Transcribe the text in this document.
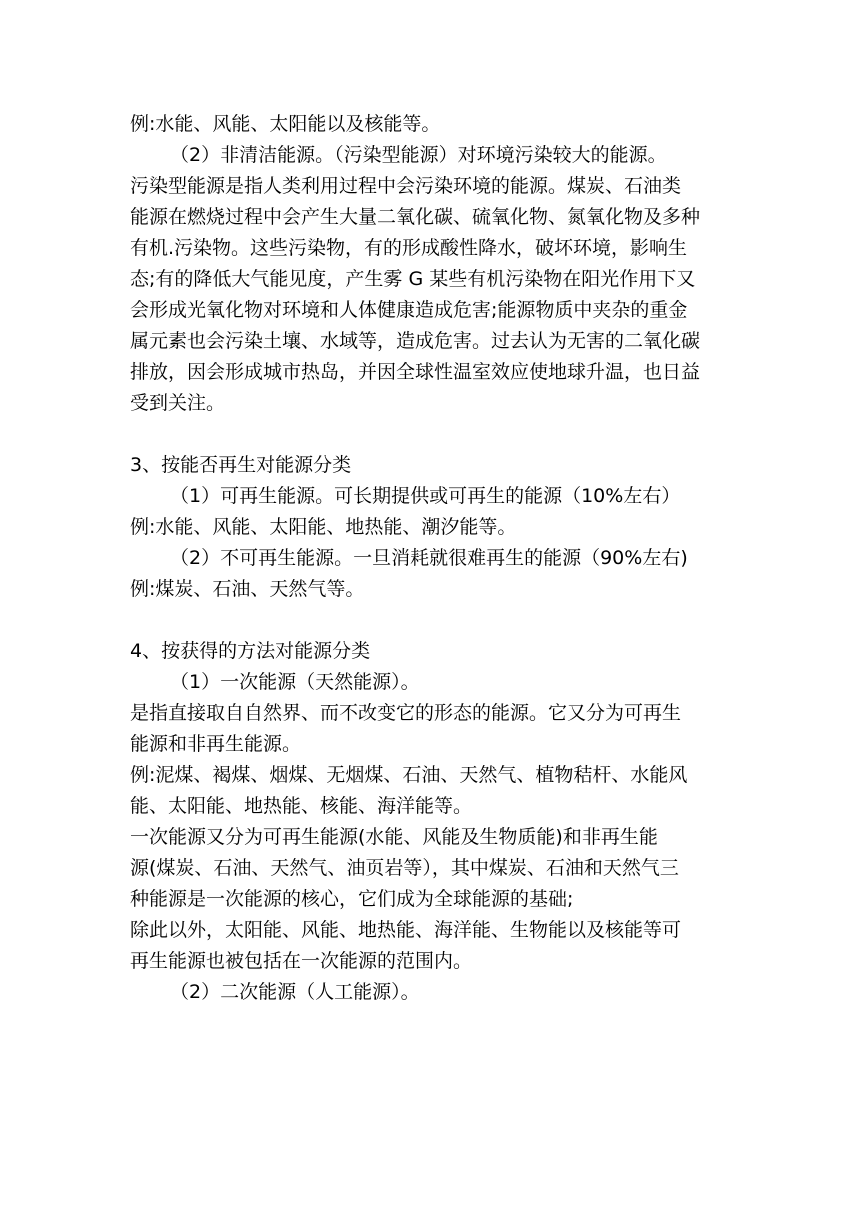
例:水能、风能、太阳能以及核能等。
（2）非清洁能源。（污染型能源）对环境污染较大的能源。
污染型能源是指人类利用过程中会污染环境的能源。煤炭、石油类
能源在燃烧过程中会产生大量二氧化碳、硫氧化物、氮氧化物及多种
有机.污染物。这些污染物，有的形成酸性降水，破坏环境，影响生
态;有的降低大气能见度，产生雾 G 某些有机污染物在阳光作用下又
会形成光氧化物对环境和人体健康造成危害;能源物质中夹杂的重金
属元素也会污染土壤、水域等，造成危害。过去认为无害的二氧化碳
排放，因会形成城市热岛，并因全球性温室效应使地球升温，也日益
受到关注。
3、按能否再生对能源分类
（1）可再生能源。可长期提供或可再生的能源（10%左右）
例:水能、风能、太阳能、地热能、潮汐能等。
（2）不可再生能源。一旦消耗就很难再生的能源（90%左右)
例:煤炭、石油、天然气等。
4、按获得的方法对能源分类
（1）一次能源（天然能源）。
是指直接取自自然界、而不改变它的形态的能源。它又分为可再生
能源和非再生能源。
例:泥煤、褐煤、烟煤、无烟煤、石油、天然气、植物秸杆、水能风
能、太阳能、地热能、核能、海洋能等。
一次能源又分为可再生能源(水能、风能及生物质能)和非再生能
源(煤炭、石油、天然气、油页岩等），其中煤炭、石油和天然气三
种能源是一次能源的核心，它们成为全球能源的基础;
除此以外，太阳能、风能、地热能、海洋能、生物能以及核能等可
再生能源也被包括在一次能源的范围内。
（2）二次能源（人工能源）。
